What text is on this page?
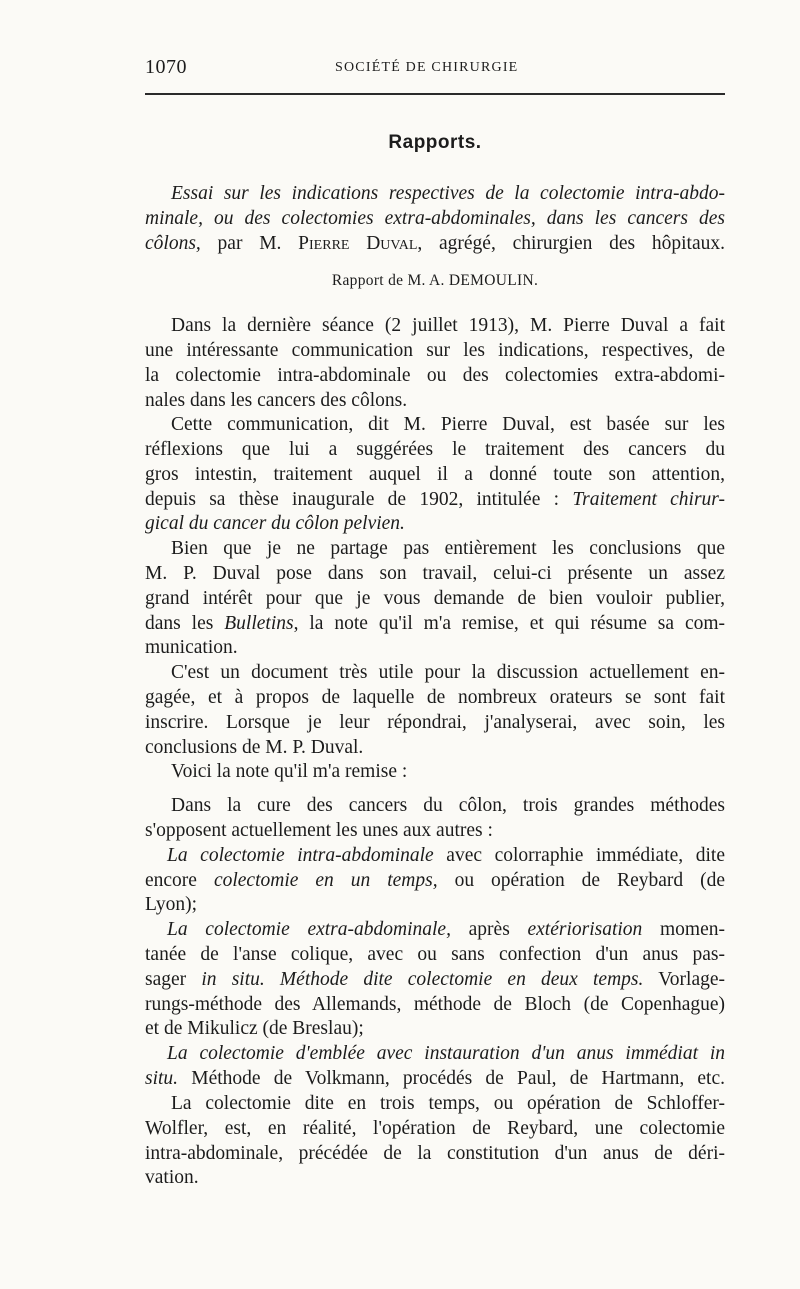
1070	SOCIÉTÉ DE CHIRURGIE
Rapports.
Essai sur les indications respectives de la colectomie intra-abdo-
minale, ou des colectomies extra-abdominales, dans les cancers des
côlons, par M. Pierre Duval, agrégé, chirurgien des hôpitaux.
Rapport de M. A. DEMOULIN.
Dans la dernière séance (2 juillet 1913), M. Pierre Duval a fait
une intéressante communication sur les indications, respectives, de
la colectomie intra-abdominale ou des colectomies extra-abdomi-
nales dans les cancers des côlons.
Cette communication, dit M. Pierre Duval, est basée sur les
réflexions que lui a suggérées le traitement des cancers du
gros intestin, traitement auquel il a donné toute son attention,
depuis sa thèse inaugurale de 1902, intitulée : Traitement chirur-
gical du cancer du côlon pelvien.
Bien que je ne partage pas entièrement les conclusions que
M. P. Duval pose dans son travail, celui-ci présente un assez
grand intérêt pour que je vous demande de bien vouloir publier,
dans les Bulletins, la note qu'il m'a remise, et qui résume sa com-
munication.
C'est un document très utile pour la discussion actuellement en-
gagée, et à propos de laquelle de nombreux orateurs se sont fait
inscrire. Lorsque je leur répondrai, j'analyserai, avec soin, les
conclusions de M. P. Duval.
Voici la note qu'il m'a remise :
Dans la cure des cancers du côlon, trois grandes méthodes
s'opposent actuellement les unes aux autres :
La colectomie intra-abdominale avec colorraphie immédiate, dite
encore colectomie en un temps, ou opération de Reybard (de
Lyon);
La colectomie extra-abdominale, après extériorisation momen-
tanée de l'anse colique, avec ou sans confection d'un anus pas-
sager in situ. Méthode dite colectomie en deux temps. Vorlage-
rungs-méthode des Allemands, méthode de Bloch (de Copenhague)
et de Mikulicz (de Breslau);
La colectomie d'emblée avec instauration d'un anus immédiat in
situ. Méthode de Volkmann, procédés de Paul, de Hartmann, etc.
La colectomie dite en trois temps, ou opération de Schloffer-
Wolfler, est, en réalité, l'opération de Reybard, une colectomie
intra-abdominale, précédée de la constitution d'un anus de déri-
vation.
